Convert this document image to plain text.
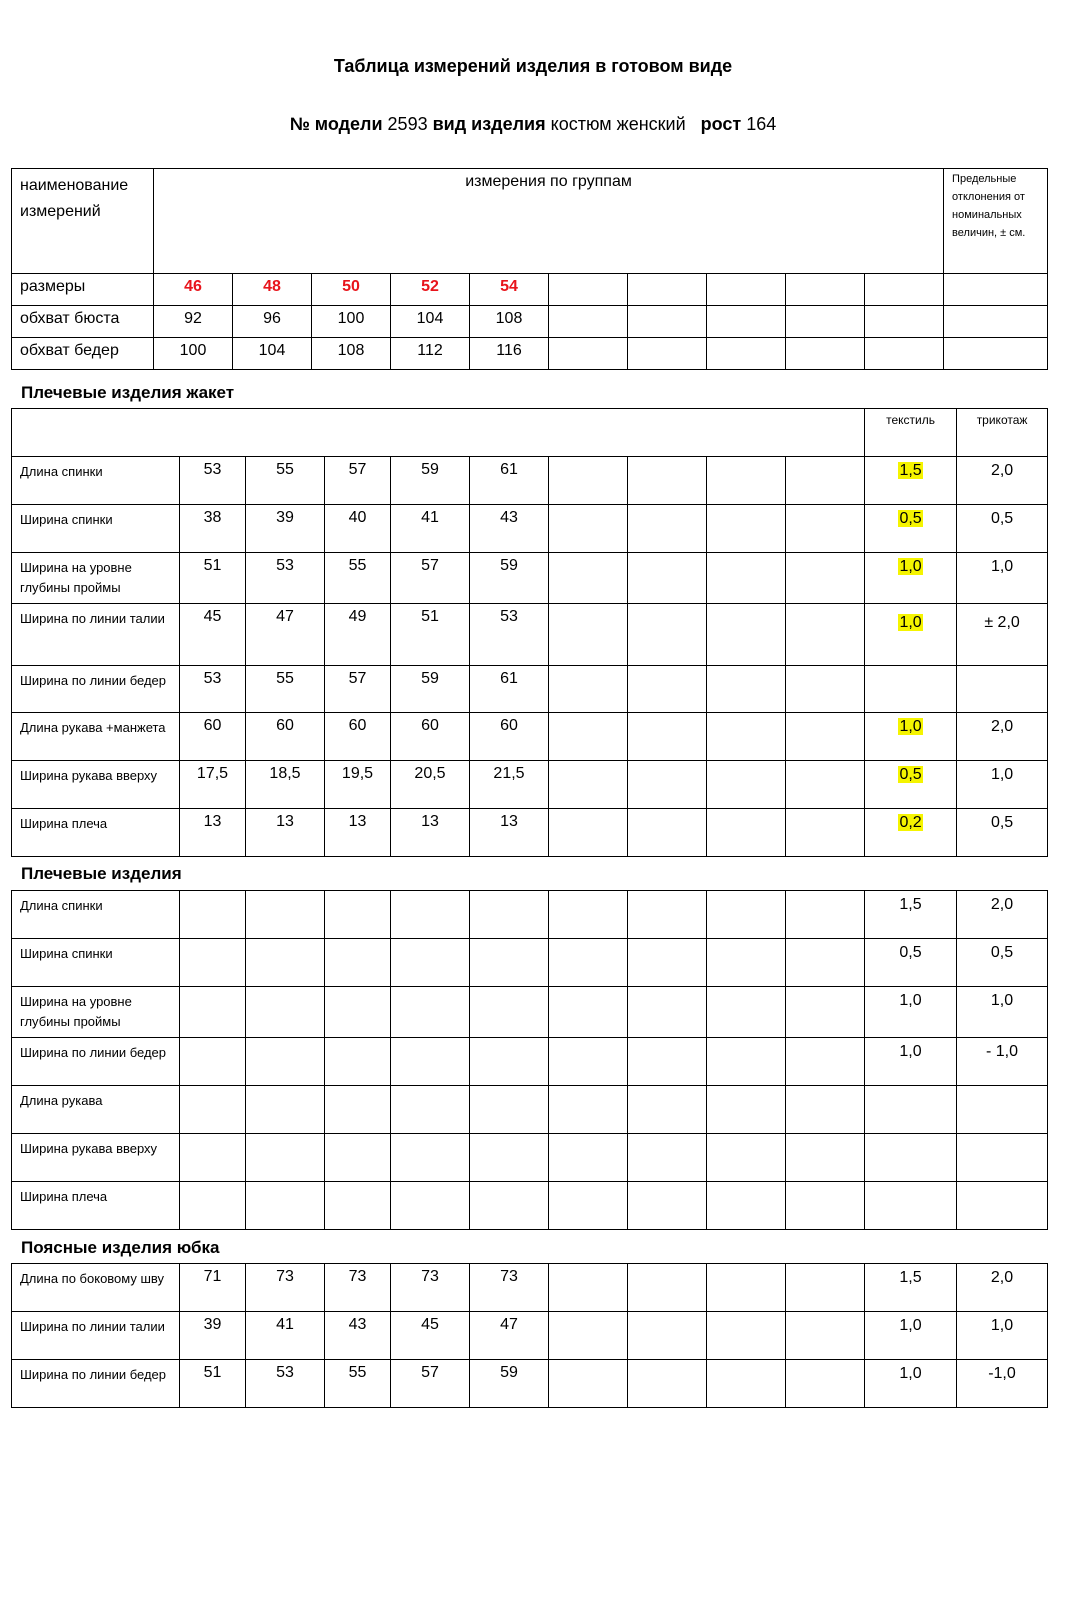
Таблица измерений изделия в готовом виде
№ модели 2593 вид изделия костюм женский рост 164
наименование измерений	измерения по группам										Предельные отклонения от номинальных величин, ± см.
размеры	46	48	50	52	54						
обхват бюста	92	96	100	104	108						
обхват бедер	100	104	108	112	116						
Плечевые изделия жакет
										текстиль	трикотаж
Длина спинки	53	55	57	59	61					1,5	2,0
Ширина спинки	38	39	40	41	43					0,5	0,5
Ширина на уровне глубины проймы	51	53	55	57	59					1,0	1,0
Ширина по линии талии	45	47	49	51	53					1,0	± 2,0
Ширина по линии бедер	53	55	57	59	61						
Длина рукава +манжета	60	60	60	60	60					1,0	2,0
Ширина рукава вверху	17,5	18,5	19,5	20,5	21,5					0,5	1,0
Ширина плеча	13	13	13	13	13					0,2	0,5
Плечевые изделия
Длина спинки										1,5	2,0
Ширина спинки										0,5	0,5
Ширина на уровне глубины проймы										1,0	1,0
Ширина по линии бедер										1,0	- 1,0
Длина рукава											
Ширина рукава вверху											
Ширина плеча											
Поясные изделия юбка
Длина по боковому шву	71	73	73	73	73					1,5	2,0
Ширина по линии талии	39	41	43	45	47					1,0	1,0
Ширина по линии бедер	51	53	55	57	59					1,0	-1,0
